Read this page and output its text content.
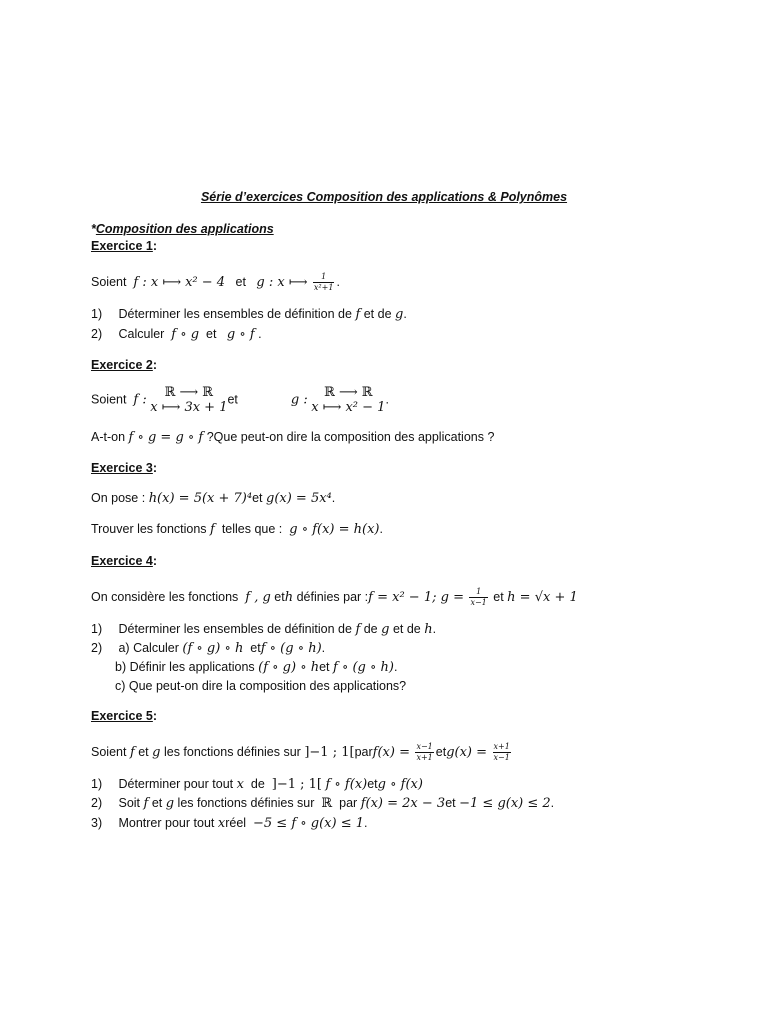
Série d’exercices Composition des applications & Polynômes
*Composition des applications
Exercice 1:
Soient f : x ⟼ x² − 4 et g : x ⟼ $\frac{1}{\text{x²+1}}$ .
1) Déterminer les ensembles de définition de f et de g.
2) Calculer f ∘ g et g ∘ f .
Exercice 2:
Soient f :	ℝ ⟶ ℝ
x ⟼ 3x + 1
et	g :	ℝ ⟶ ℝ
x ⟼ x² − 1
.
A-t-on f ∘ g = g ∘ f ?Que peut-on dire la composition des applications ?
Exercice 3:
On pose : h(x) = 5(x + 7)⁴et g(x) = 5x⁴.
Trouver les fonctions f telles que : g ∘ f(x) = h(x).
Exercice 4:
On considère les fonctions f , g eth définies par :f = x² − 1; $g = \frac{1}{x-1}$ et h = √x + 1
1) Déterminer les ensembles de définition de f de g et de h.
2) a) Calculer (f ∘ g) ∘ h etf ∘ (g ∘ h).
b) Définir les applications (f ∘ g) ∘ het f ∘ (g ∘ h).
c) Que peut-on dire la composition des applications?
Exercice 5:
Soient f et g les fonctions définies sur ]−1 ; 1[parf(x) = $\frac{x-1}{x+1} etg(x) = \frac{x+1}{x-1}$
1) Déterminer pour tout x de ]−1 ; 1[ f ∘ f(x)etg ∘ f(x)
2) Soit f et g les fonctions définies sur ℝ par f(x) = 2x − 3et −1 ≤ g(x) ≤ 2.
3) Montrer pour tout xréel −5 ≤ f ∘ g(x) ≤ 1.
